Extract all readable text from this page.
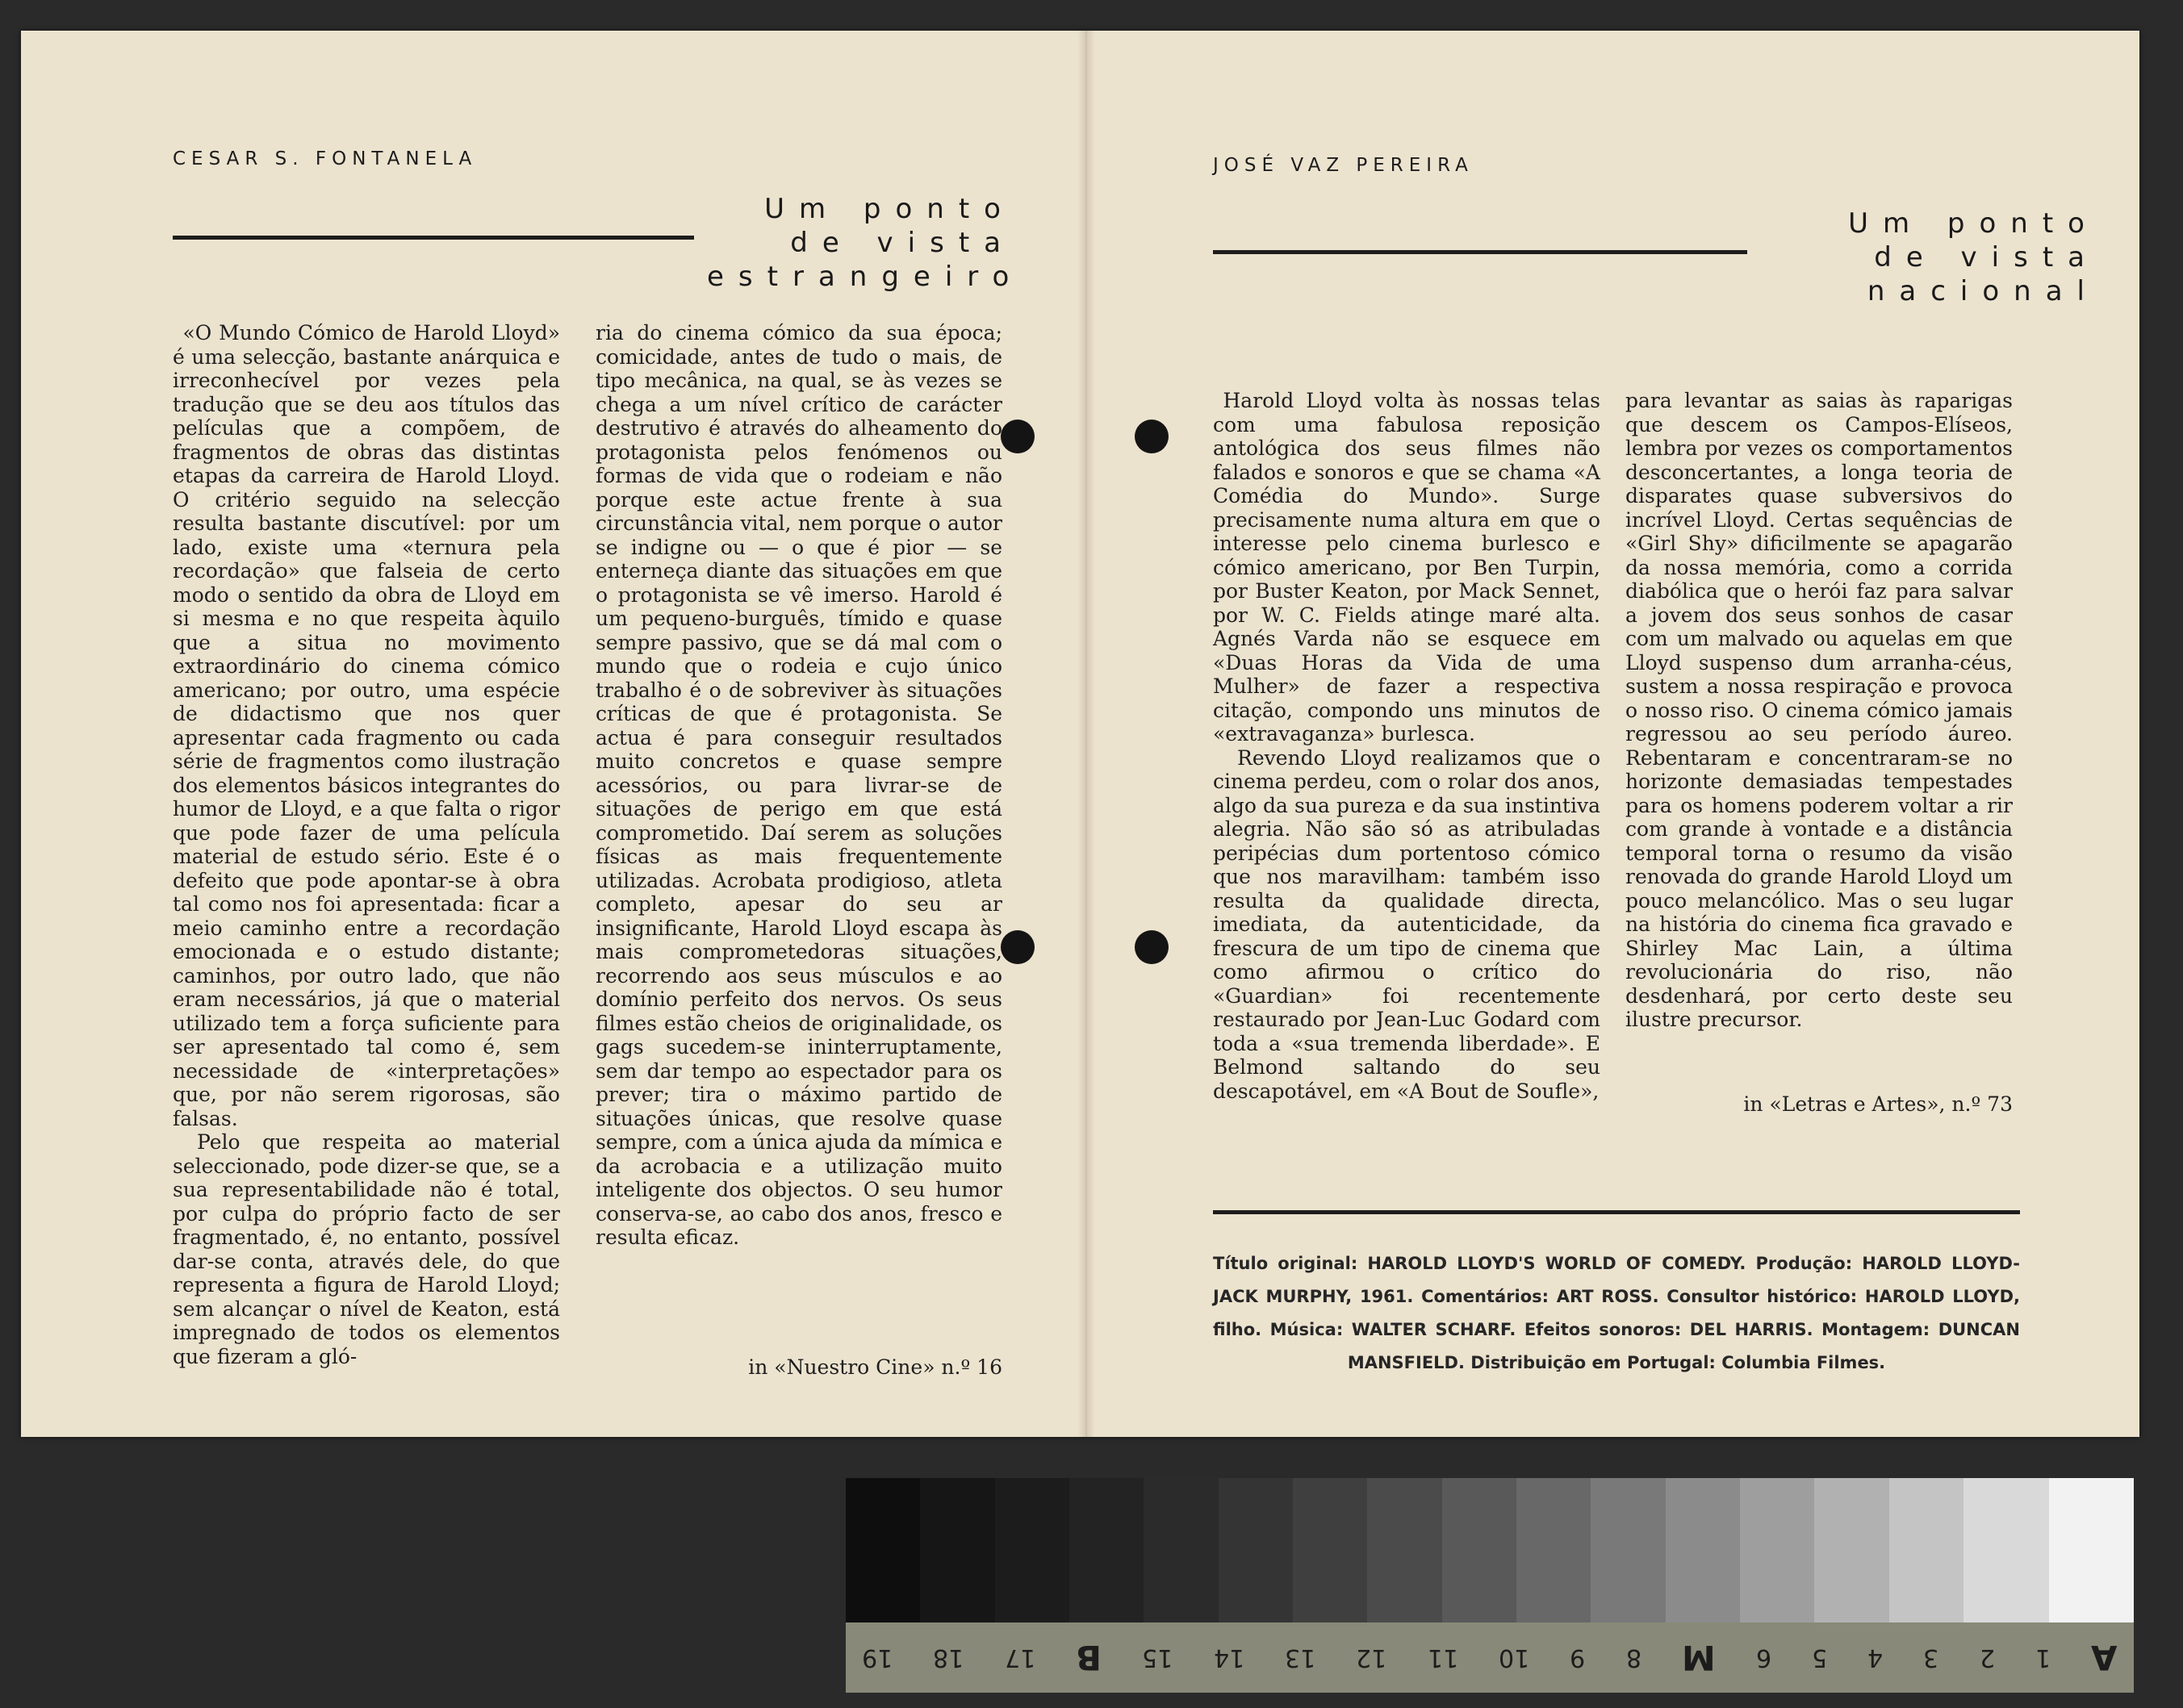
CESAR S. FONTANELA

Um ponto
de vista
estrangeiro

«O Mundo Cómico de Harold Lloyd» é uma selecção, bastante anárquica e irreconhecível por vezes pela tradução que se deu aos títulos das películas que a compõem, de fragmentos de obras das distintas etapas da carreira de Harold Lloyd. O critério seguido na selecção resulta bastante discutível: por um lado, existe uma «ternura pela recordação» que falseia de certo modo o sentido da obra de Lloyd em si mesma e no que respeita àquilo que a situa no movimento extraordinário do cinema cómico americano; por outro, uma espécie de didactismo que nos quer apresentar cada fragmento ou cada série de fragmentos como ilustração dos elementos básicos integrantes do humor de Lloyd, e a que falta o rigor que pode fazer de uma película material de estudo sério. Este é o defeito que pode apontar-se à obra tal como nos foi apresentada: ficar a meio caminho entre a recordação emocionada e o estudo distante; caminhos, por outro lado, que não eram necessários, já que o material utilizado tem a força suficiente para ser apresentado tal como é, sem necessidade de «interpretações» que, por não serem rigorosas, são falsas.

Pelo que respeita ao material seleccionado, pode dizer-se que, se a sua representabilidade não é total, por culpa do próprio facto de ser fragmentado, é, no entanto, possível dar-se conta, através dele, do que representa a figura de Harold Lloyd; sem alcançar o nível de Keaton, está impregnado de todos os elementos que fizeram a gló-

ria do cinema cómico da sua época; comicidade, antes de tudo o mais, de tipo mecânica, na qual, se às vezes se chega a um nível crítico de carácter destrutivo é através do alheamento do protagonista pelos fenómenos ou formas de vida que o rodeiam e não porque este actue frente à sua circunstância vital, nem porque o autor se indigne ou — o que é pior — se enterneça diante das situações em que o protagonista se vê imerso. Harold é um pequeno-burguês, tímido e quase sempre passivo, que se dá mal com o mundo que o rodeia e cujo único trabalho é o de sobreviver às situações críticas de que é protagonista. Se actua é para conseguir resultados muito concretos e quase sempre acessórios, ou para livrar-se de situações de perigo em que está comprometido. Daí serem as soluções físicas as mais frequentemente utilizadas. Acrobata prodigioso, atleta completo, apesar do seu ar insignificante, Harold Lloyd escapa às mais comprometedoras situações, recorrendo aos seus músculos e ao domínio perfeito dos nervos. Os seus filmes estão cheios de originalidade, os gags sucedem-se ininterruptamente, sem dar tempo ao espectador para os prever; tira o máximo partido de situações únicas, que resolve quase sempre, com a única ajuda da mímica e da acrobacia e a utilização muito inteligente dos objectos. O seu humor conserva-se, ao cabo dos anos, fresco e resulta eficaz.

in «Nuestro Cine» n.º 16

JOSÉ VAZ PEREIRA

Um ponto
de vista
nacional

Harold Lloyd volta às nossas telas com uma fabulosa reposição antológica dos seus filmes não falados e sonoros e que se chama «A Comédia do Mundo». Surge precisamente numa altura em que o interesse pelo cinema burlesco e cómico americano, por Ben Turpin, por Buster Keaton, por Mack Sennet, por W. C. Fields atinge maré alta. Agnés Varda não se esquece em «Duas Horas da Vida de uma Mulher» de fazer a respectiva citação, compondo uns minutos de «extravaganza» burlesca.

Revendo Lloyd realizamos que o cinema perdeu, com o rolar dos anos, algo da sua pureza e da sua instintiva alegria. Não são só as atribuladas peripécias dum portentoso cómico que nos maravilham: também isso resulta da qualidade directa, imediata, da autenticidade, da frescura de um tipo de cinema que como afirmou o crítico do «Guardian» foi recentemente restaurado por Jean-Luc Godard com toda a «sua tremenda liberdade». E Belmond saltando do seu descapotável, em «A Bout de Soufle»,

para levantar as saias às raparigas que descem os Campos-Elíseos, lembra por vezes os comportamentos desconcertantes, a longa teoria de disparates quase subversivos do incrível Lloyd. Certas sequências de «Girl Shy» dificilmente se apagarão da nossa memória, como a corrida diabólica que o herói faz para salvar a jovem dos seus sonhos de casar com um malvado ou aquelas em que Lloyd suspenso dum arranha-céus, sustem a nossa respiração e provoca o nosso riso. O cinema cómico jamais regressou ao seu período áureo. Rebentaram e concentraram-se no horizonte demasiadas tempestades para os homens poderem voltar a rir com grande à vontade e a distância temporal torna o resumo da visão renovada do grande Harold Lloyd um pouco melancólico. Mas o seu lugar na história do cinema fica gravado e Shirley Mac Lain, a última revolucionária do riso, não desdenhará, por certo deste seu ilustre precursor.

in «Letras e Artes», n.º 73

Título original: HAROLD LLOYD'S WORLD OF COMEDY. Produção: HAROLD LLOYD-JACK MURPHY, 1961. Comentários: ART ROSS. Consultor histórico: HAROLD LLOYD, filho. Música: WALTER SCHARF. Efeitos sonoros: DEL HARRIS. Montagem: DUNCAN MANSFIELD. Distribuição em Portugal: Columbia Filmes.

19 18 17 B 15 14 13 12 11 10 9 8 M 6 5 4 3 2 1 A
